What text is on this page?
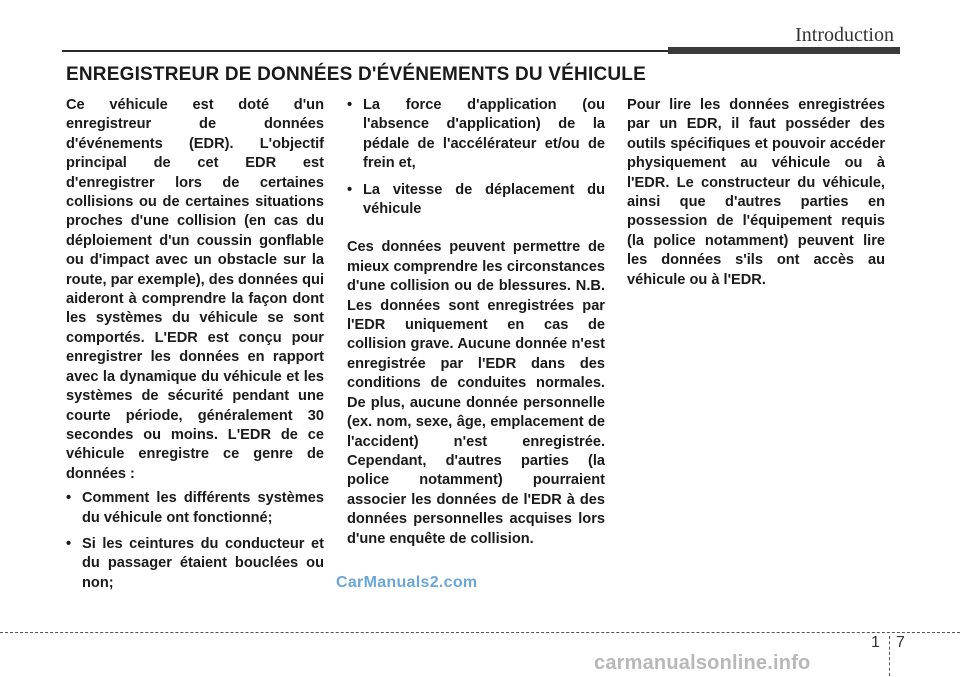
Introduction
ENREGISTREUR DE DONNÉES D'ÉVÉNEMENTS DU VÉHICULE

Ce véhicule est doté d'un enregistreur de données d'événements (EDR). L'objectif principal de cet EDR est d'enregistrer lors de certaines collisions ou de certaines situations proches d'une collision (en cas du déploiement d'un coussin gonflable ou d'impact avec un obstacle sur la route, par exemple), des données qui aideront à comprendre la façon dont les systèmes du véhicule se sont comportés. L'EDR est conçu pour enregistrer les données en rapport avec la dynamique du véhicule et les systèmes de sécurité pendant une courte période, généralement 30 secondes ou moins. L'EDR de ce véhicule enregistre ce genre de données :

• Comment les différents systèmes du véhicule ont fonctionné;
• Si les ceintures du conducteur et du passager étaient bouclées ou non;
• La force d'application (ou l'absence d'application) de la pédale de l'accélérateur et/ou de frein et,
• La vitesse de déplacement du véhicule

Ces données peuvent permettre de mieux comprendre les circonstances d'une collision ou de blessures. N.B. Les données sont enregistrées par l'EDR uniquement en cas de collision grave. Aucune donnée n'est enregistrée par l'EDR dans des conditions de conduites normales. De plus, aucune donnée personnelle (ex. nom, sexe, âge, emplacement de l'accident) n'est enregistrée. Cependant, d'autres parties (la police notamment) pourraient associer les données de l'EDR à des données personnelles acquises lors d'une enquête de collision.

Pour lire les données enregistrées par un EDR, il faut posséder des outils spécifiques et pouvoir accéder physiquement au véhicule ou à l'EDR. Le constructeur du véhicule, ainsi que d'autres parties en possession de l'équipement requis (la police notamment) peuvent lire les données s'ils ont accès au véhicule ou à l'EDR.

CarManuals2.com
1 7
carmanualsonline.info
